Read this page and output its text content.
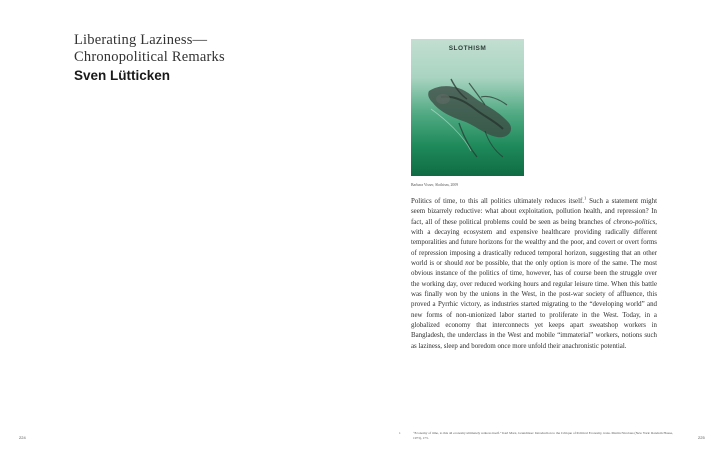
Liberating Laziness—
Chronopolitical Remarks
Sven Lütticken
SLOTHISM
Barbara Visser, Slothism, 2009

Politics of time, to this all politics ultimately reduces itself.$^1$ Such a statement might seem bizarrely reductive: what about exploitation, pollution health, and repression? In fact, all of these political problems could be seen as being branches of chrono-politics, with a decaying ecosystem and expensive healthcare providing radically different temporalities and future horizons for the wealthy and the poor, and covert or overt forms of repression imposing a drastically reduced temporal horizon, suggesting that an other world is or should not be possible, that the only option is more of the same. The most obvious instance of the politics of time, however, has of course been the struggle over the working day, over reduced working hours and regular leisure time. When this battle was finally won by the unions in the West, in the post-war society of affluence, this proved a Pyrrhic victory, as industries started migrating to the “developing world” and new forms of non-unionized labor started to proliferate in the West. Today, in a globalized economy that interconnects yet keeps apart sweatshop workers in Bangladesh, the underclass in the West and mobile “immaterial” workers, notions such as laziness, sleep and boredom once more unfold their anachronistic potential.

1	“Economy of time, to this all economy ultimately reduces itself.” Karl Marx, Grundrisse: Introduction to the Critique of Political Economy, trans. Martin Nicolaus (New York: Random House, 1973), 173.
224	225
